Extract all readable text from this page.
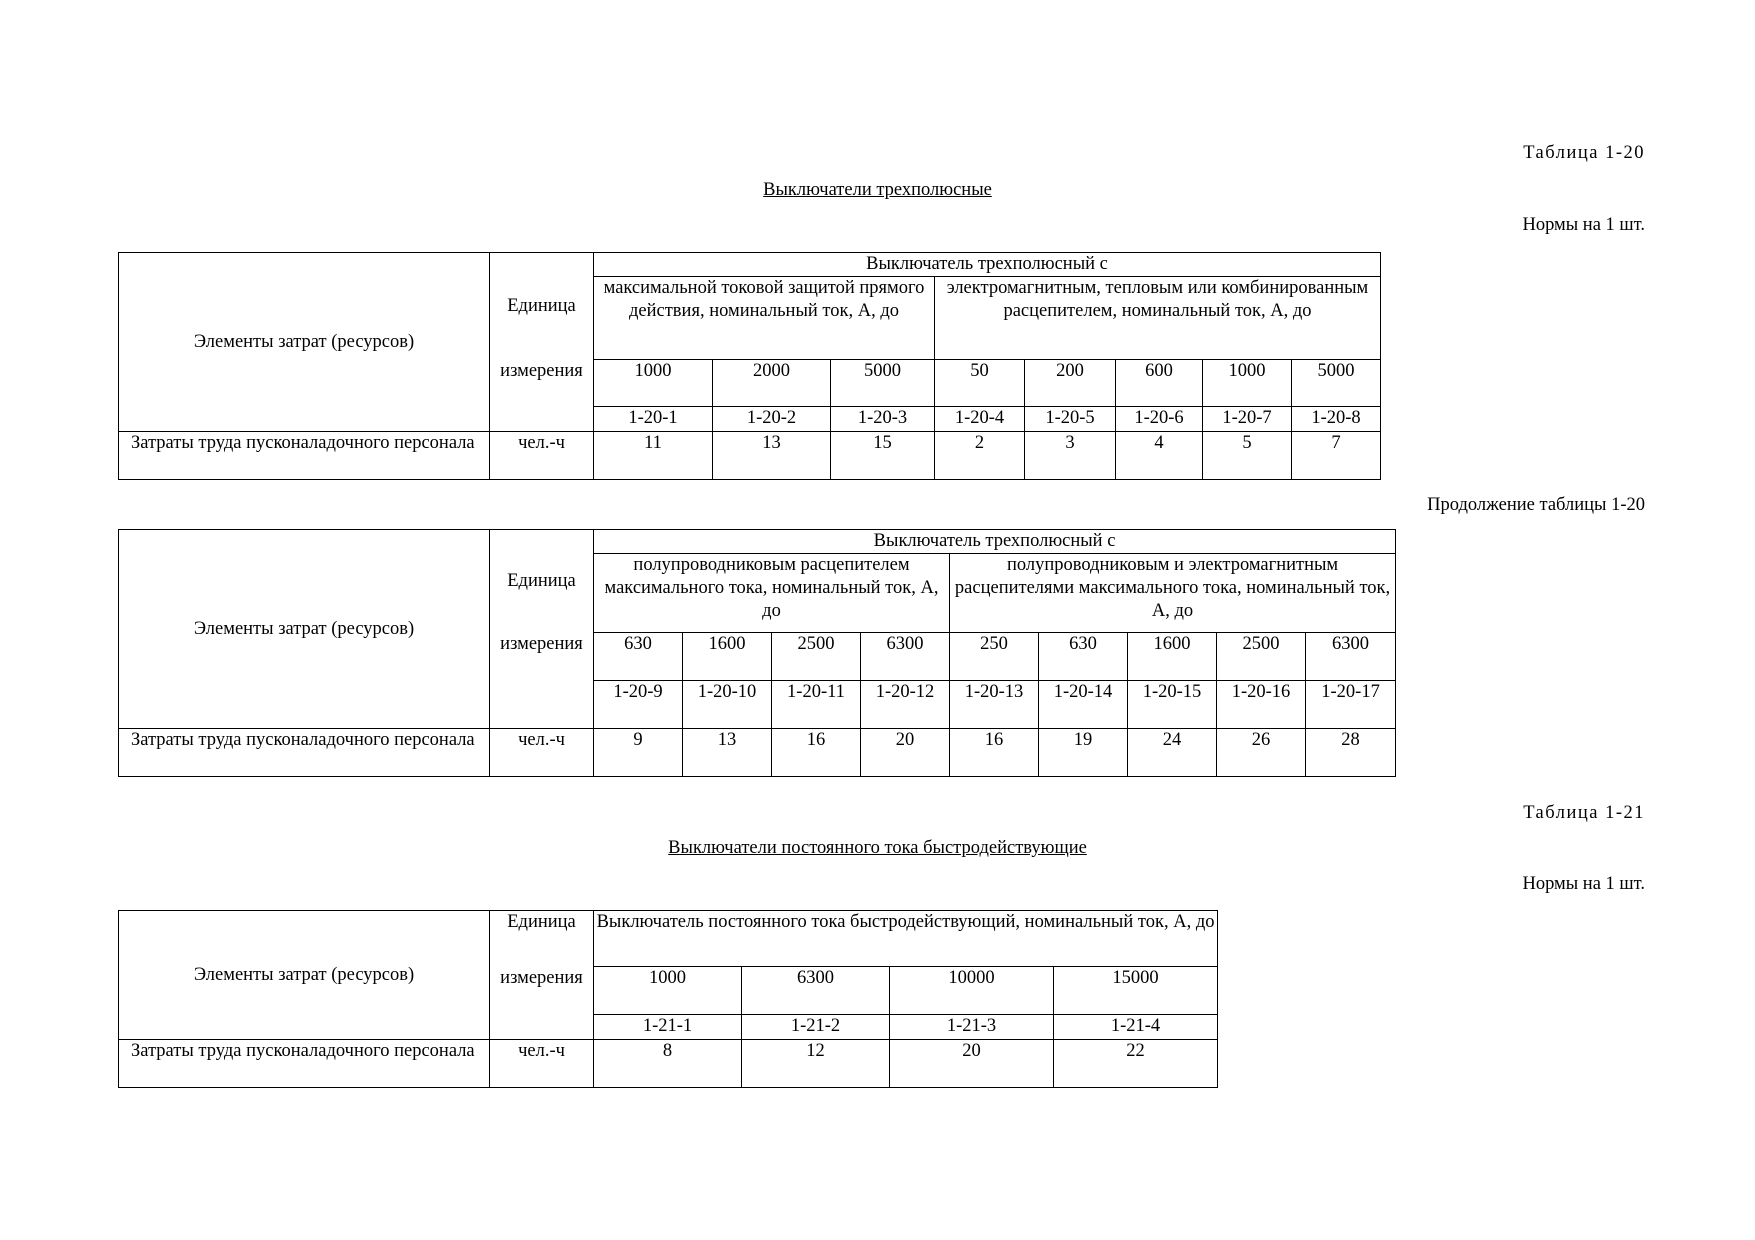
Таблица 1-20
Выключатели трехполюсные
Нормы на 1 шт.
Элементы затрат (ресурсов)	Единица	Выключатель трехполюсный с							
		максимальной токовой защитой прямого действия, номинальный ток, А, до			электромагнитным, тепловым или комбинированным расцепителем, номинальный ток, А, до				
	измерения	1000	2000	5000	50	200	600	1000	5000
		1-20-1	1-20-2	1-20-3	1-20-4	1-20-5	1-20-6	1-20-7	1-20-8
Затраты труда пусконаладочного персонала	чел.-ч	11	13	15	2	3	4	5	7
Продолжение таблицы 1-20
Элементы затрат (ресурсов)	Единица	Выключатель трехполюсный с								
		полупроводниковым расцепителем максимального тока, номинальный ток, А, до				полупроводниковым и электромагнитным расцепителями максимального тока, номинальный ток, А, до				
	измерения	630	1600	2500	6300	250	630	1600	2500	6300
		1-20-9	1-20-10	1-20-11	1-20-12	1-20-13	1-20-14	1-20-15	1-20-16	1-20-17
Затраты труда пусконаладочного персонала	чел.-ч	9	13	16	20	16	19	24	26	28
Таблица 1-21
Выключатели постоянного тока быстродействующие
Нормы на 1 шт.
Элементы затрат (ресурсов)	Единица	Выключатель постоянного тока быстродействующий, номинальный ток, А, до			
	измерения	1000	6300	10000	15000
		1-21-1	1-21-2	1-21-3	1-21-4
Затраты труда пусконаладочного персонала	чел.-ч	8	12	20	22
